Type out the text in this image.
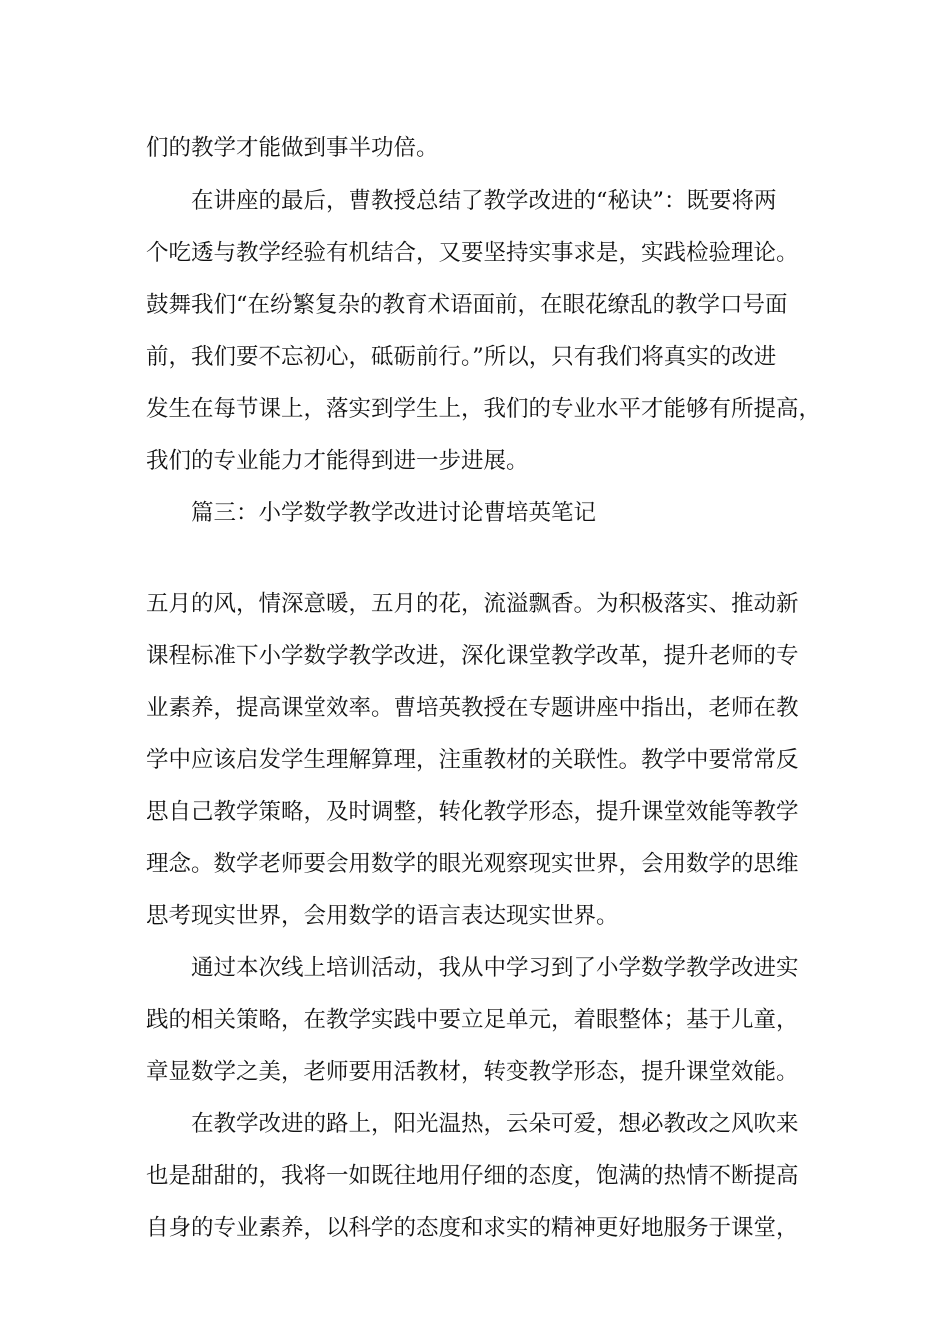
们的教学才能做到事半功倍。
在讲座的最后，曹教授总结了教学改进的“秘诀”：既要将两
个吃透与教学经验有机结合，又要坚持实事求是，实践检验理论。
鼓舞我们“在纷繁复杂的教育术语面前，在眼花缭乱的教学口号面
前，我们要不忘初心，砥砺前行。”所以，只有我们将真实的改进
发生在每节课上，落实到学生上，我们的专业水平才能够有所提高，
我们的专业能力才能得到进一步进展。
篇三：小学数学教学改进讨论曹培英笔记
五月的风，情深意暖，五月的花，流溢飘香。为积极落实、推动新
课程标准下小学数学教学改进，深化课堂教学改革，提升老师的专
业素养，提高课堂效率。曹培英教授在专题讲座中指出，老师在教
学中应该启发学生理解算理，注重教材的关联性。教学中要常常反
思自己教学策略，及时调整，转化教学形态，提升课堂效能等教学
理念。数学老师要会用数学的眼光观察现实世界，会用数学的思维
思考现实世界，会用数学的语言表达现实世界。
通过本次线上培训活动，我从中学习到了小学数学教学改进实
践的相关策略，在教学实践中要立足单元，着眼整体；基于儿童，
章显数学之美，老师要用活教材，转变教学形态，提升课堂效能。
在教学改进的路上，阳光温热，云朵可爱，想必教改之风吹来
也是甜甜的，我将一如既往地用仔细的态度，饱满的热情不断提高
自身的专业素养，以科学的态度和求实的精神更好地服务于课堂，
